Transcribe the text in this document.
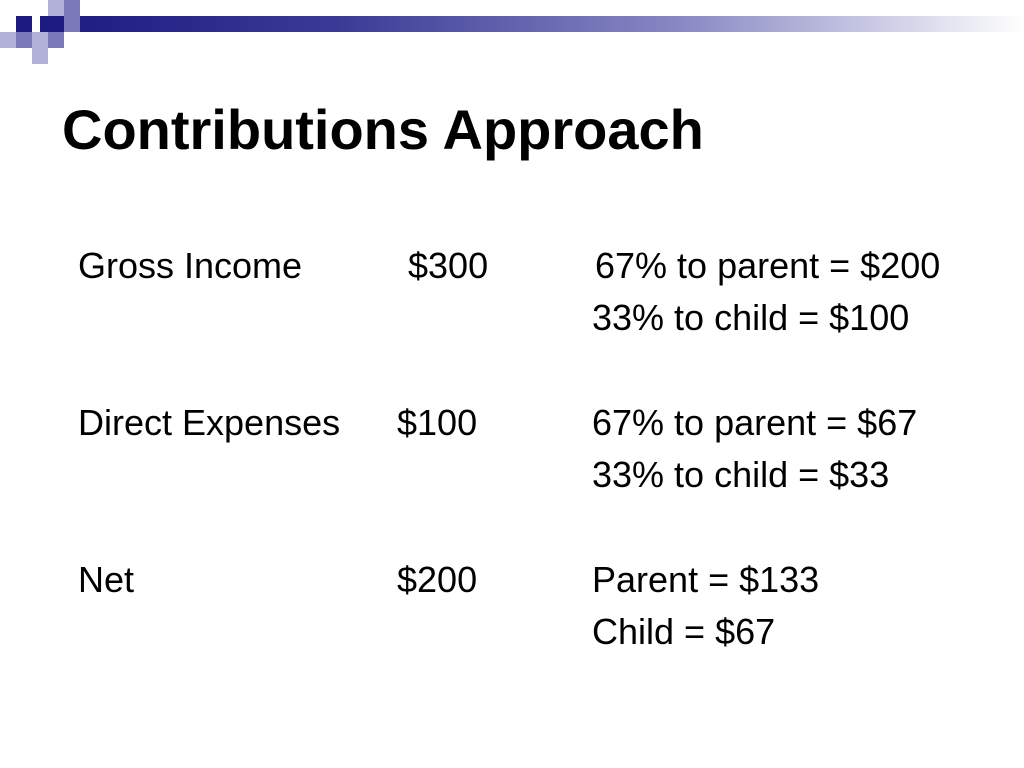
Contributions Approach
Gross Income	$300	67% to parent = $200
33% to child = $100
Direct Expenses $100	67% to parent = $67
33% to child = $33
Net	$200	Parent = $133
Child = $67
